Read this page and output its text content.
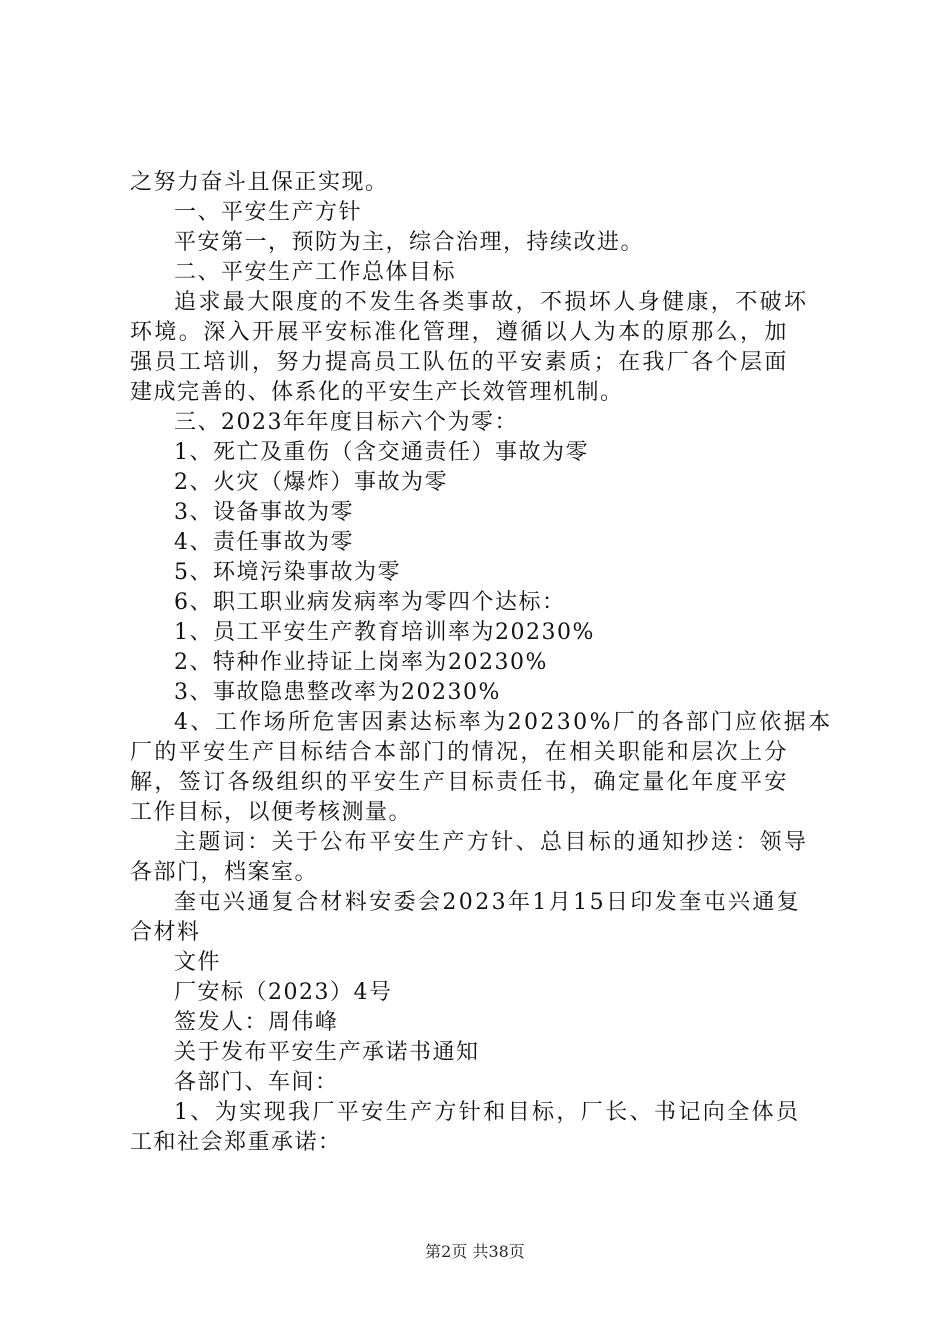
之努力奋斗且保正实现。
一、平安生产方针
平安第一，预防为主，综合治理，持续改进。
二、平安生产工作总体目标
追求最大限度的不发生各类事故，不损坏人身健康，不破坏
环境。深入开展平安标准化管理，遵循以人为本的原那么，加
强员工培训，努力提高员工队伍的平安素质；在我厂各个层面
建成完善的、体系化的平安生产长效管理机制。
三、2023年年度目标六个为零：
1、死亡及重伤（含交通责任）事故为零
2、火灾（爆炸）事故为零
3、设备事故为零
4、责任事故为零
5、环境污染事故为零
6、职工职业病发病率为零四个达标：
1、员工平安生产教育培训率为20230%
2、特种作业持证上岗率为20230%
3、事故隐患整改率为20230%
4、工作场所危害因素达标率为20230%厂的各部门应依据本
厂的平安生产目标结合本部门的情况，在相关职能和层次上分
解，签订各级组织的平安生产目标责任书，确定量化年度平安
工作目标，以便考核测量。
主题词：关于公布平安生产方针、总目标的通知抄送：领导
各部门，档案室。
奎屯兴通复合材料安委会2023年1月15日印发奎屯兴通复
合材料
文件
厂安标（2023）4号
签发人：周伟峰
关于发布平安生产承诺书通知
各部门、车间：
1、为实现我厂平安生产方针和目标，厂长、书记向全体员
工和社会郑重承诺：
第2页 共38页
